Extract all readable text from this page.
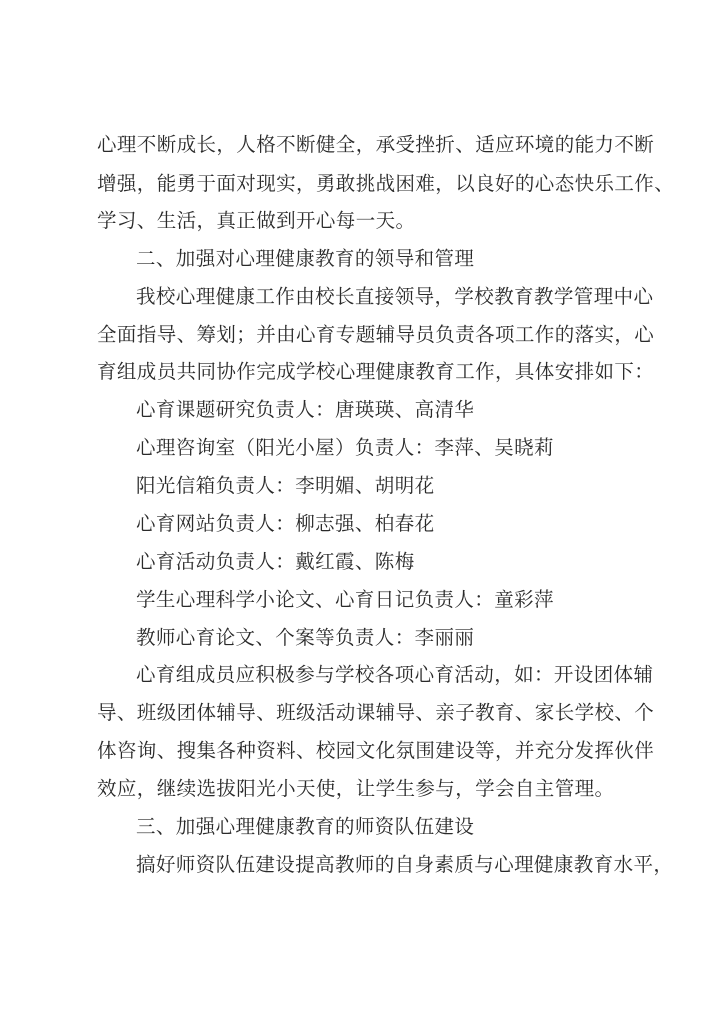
心理不断成长，人格不断健全，承受挫折、适应环境的能力不断
增强，能勇于面对现实，勇敢挑战困难，以良好的心态快乐工作、
学习、生活，真正做到开心每一天。
二、加强对心理健康教育的领导和管理
我校心理健康工作由校长直接领导，学校教育教学管理中心
全面指导、筹划；并由心育专题辅导员负责各项工作的落实，心
育组成员共同协作完成学校心理健康教育工作，具体安排如下：
心育课题研究负责人：唐瑛瑛、高清华
心理咨询室（阳光小屋）负责人：李萍、吴晓莉
阳光信箱负责人：李明媚、胡明花
心育网站负责人：柳志强、柏春花
心育活动负责人：戴红霞、陈梅
学生心理科学小论文、心育日记负责人：童彩萍
教师心育论文、个案等负责人：李丽丽
心育组成员应积极参与学校各项心育活动，如：开设团体辅
导、班级团体辅导、班级活动课辅导、亲子教育、家长学校、个
体咨询、搜集各种资料、校园文化氛围建设等，并充分发挥伙伴
效应，继续选拔阳光小天使，让学生参与，学会自主管理。
三、加强心理健康教育的师资队伍建设
搞好师资队伍建设提高教师的自身素质与心理健康教育水平，
